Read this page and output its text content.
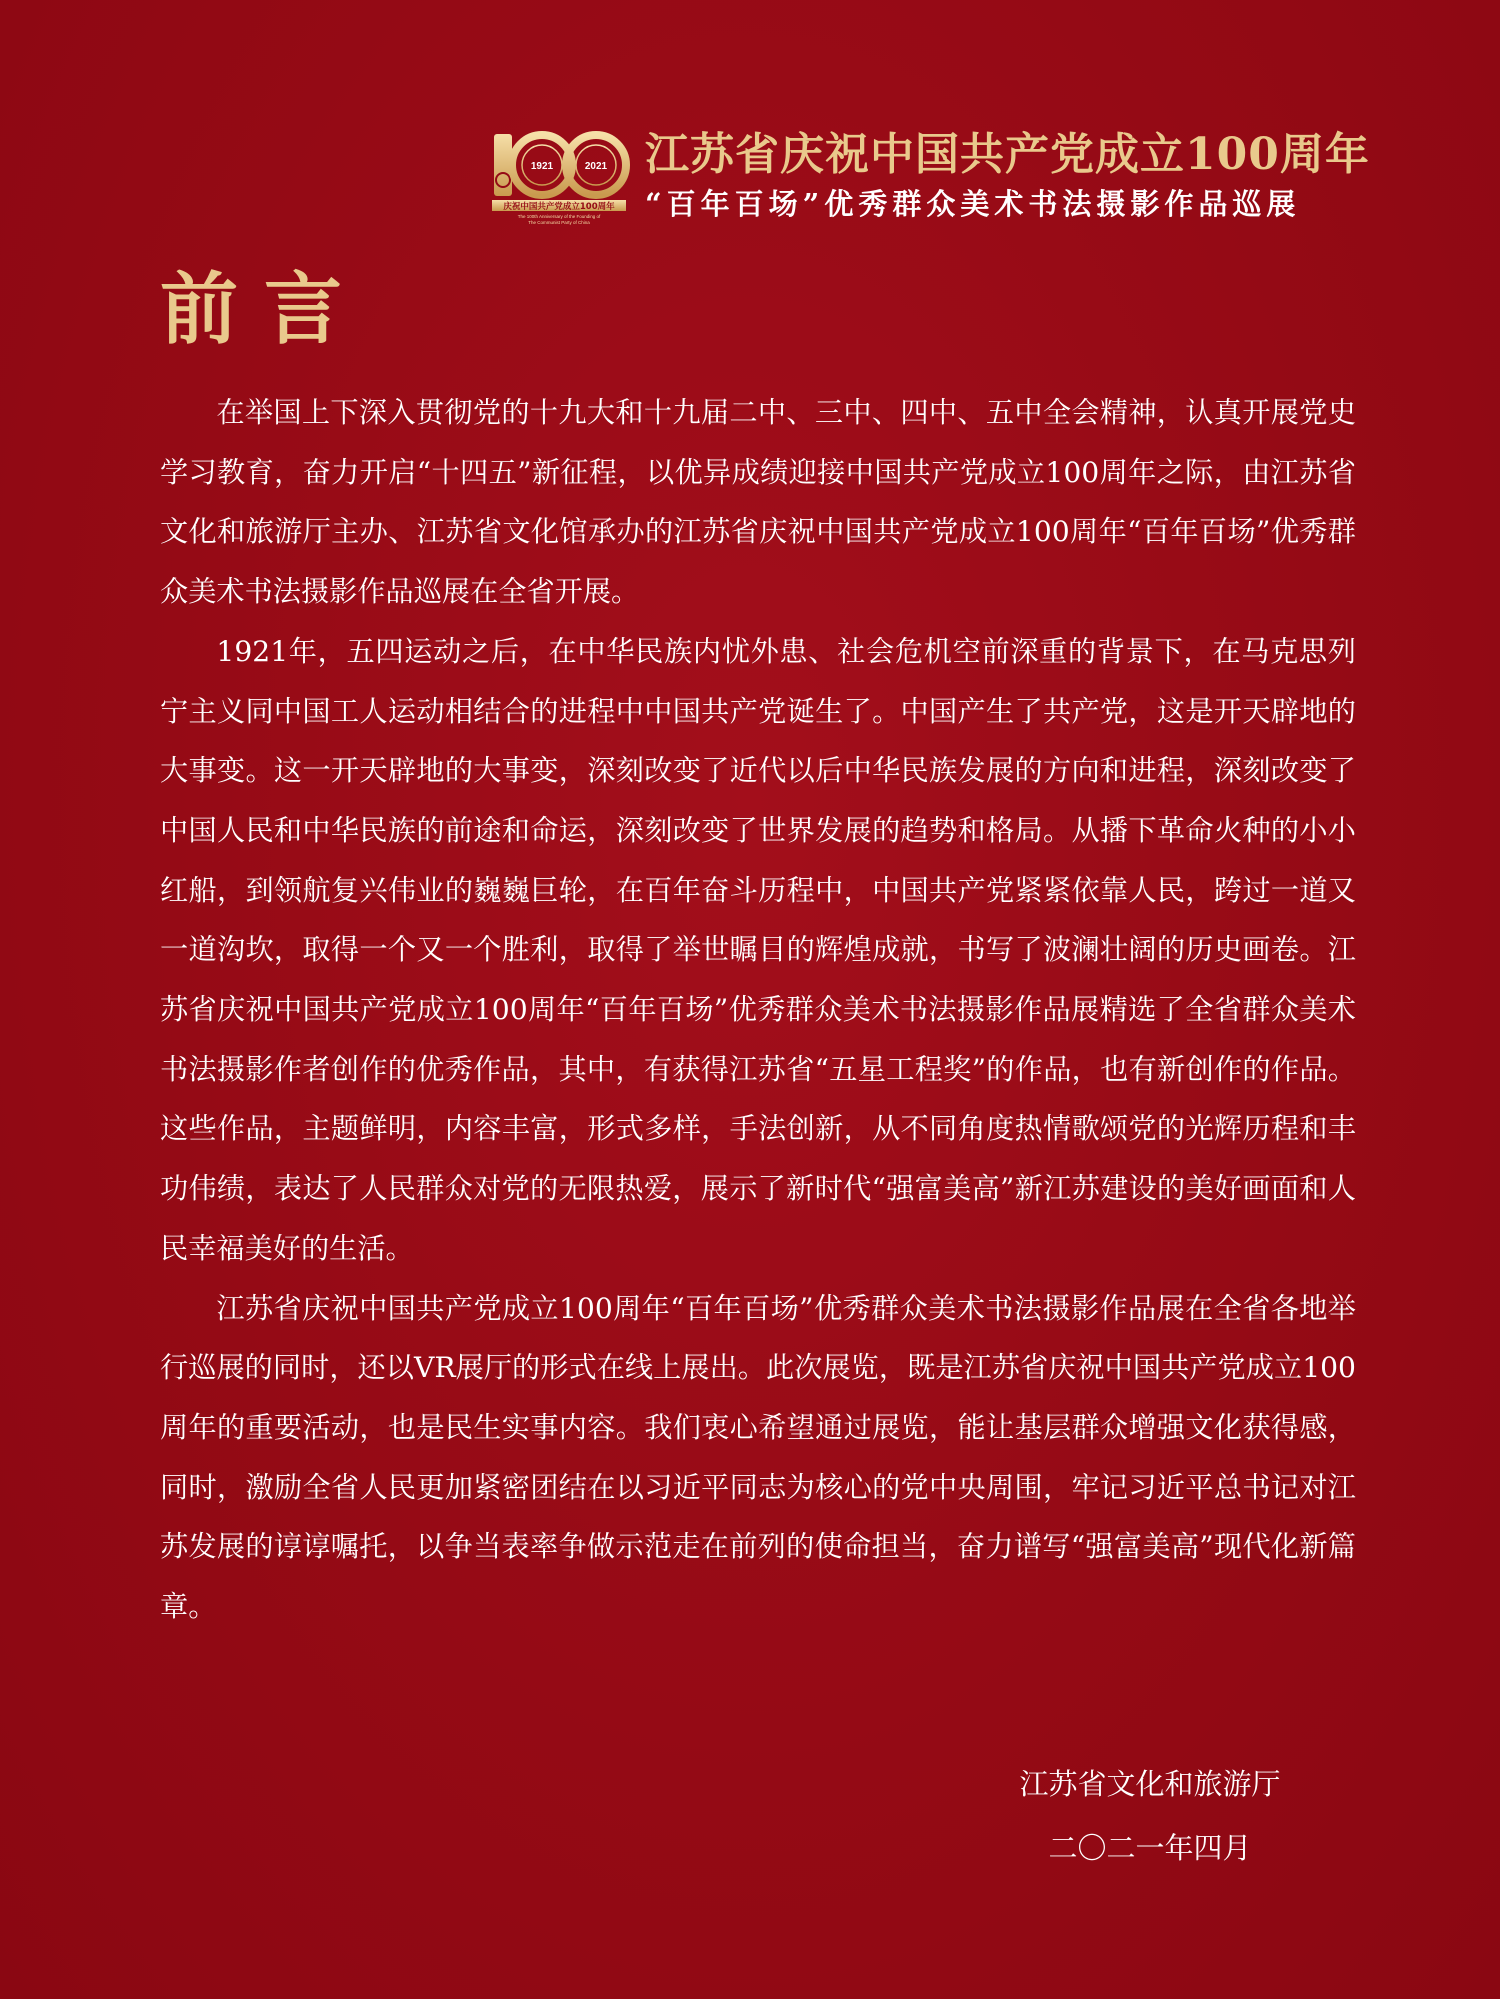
1921	2021
庆祝中国共产党成立100周年
The 100th Anniversary of the Founding of
The Communist Party of China
江苏省庆祝中国共产党成立100周年
“百年百场”优秀群众美术书法摄影作品巡展
前言

在举国上下深入贯彻党的十九大和十九届二中、三中、四中、五中全会精神，认真开展党史学习教育，奋力开启“十四五”新征程，以优异成绩迎接中国共产党成立100周年之际，由江苏省文化和旅游厅主办、江苏省文化馆承办的江苏省庆祝中国共产党成立100周年“百年百场”优秀群众美术书法摄影作品巡展在全省开展。

1921年，五四运动之后，在中华民族内忧外患、社会危机空前深重的背景下，在马克思列宁主义同中国工人运动相结合的进程中中国共产党诞生了。中国产生了共产党，这是开天辟地的大事变。这一开天辟地的大事变，深刻改变了近代以后中华民族发展的方向和进程，深刻改变了中国人民和中华民族的前途和命运，深刻改变了世界发展的趋势和格局。从播下革命火种的小小红船，到领航复兴伟业的巍巍巨轮，在百年奋斗历程中，中国共产党紧紧依靠人民，跨过一道又一道沟坎，取得一个又一个胜利，取得了举世瞩目的辉煌成就，书写了波澜壮阔的历史画卷。江苏省庆祝中国共产党成立100周年“百年百场”优秀群众美术书法摄影作品展精选了全省群众美术书法摄影作者创作的优秀作品，其中，有获得江苏省“五星工程奖”的作品，也有新创作的作品。这些作品，主题鲜明，内容丰富，形式多样，手法创新，从不同角度热情歌颂党的光辉历程和丰功伟绩，表达了人民群众对党的无限热爱，展示了新时代“强富美高”新江苏建设的美好画面和人民幸福美好的生活。

江苏省庆祝中国共产党成立100周年“百年百场”优秀群众美术书法摄影作品展在全省各地举行巡展的同时，还以VR展厅的形式在线上展出。此次展览，既是江苏省庆祝中国共产党成立100周年的重要活动，也是民生实事内容。我们衷心希望通过展览，能让基层群众增强文化获得感，同时，激励全省人民更加紧密团结在以习近平同志为核心的党中央周围，牢记习近平总书记对江苏发展的谆谆嘱托，以争当表率争做示范走在前列的使命担当，奋力谱写“强富美高”现代化新篇章。

江苏省文化和旅游厅
二〇二一年四月
